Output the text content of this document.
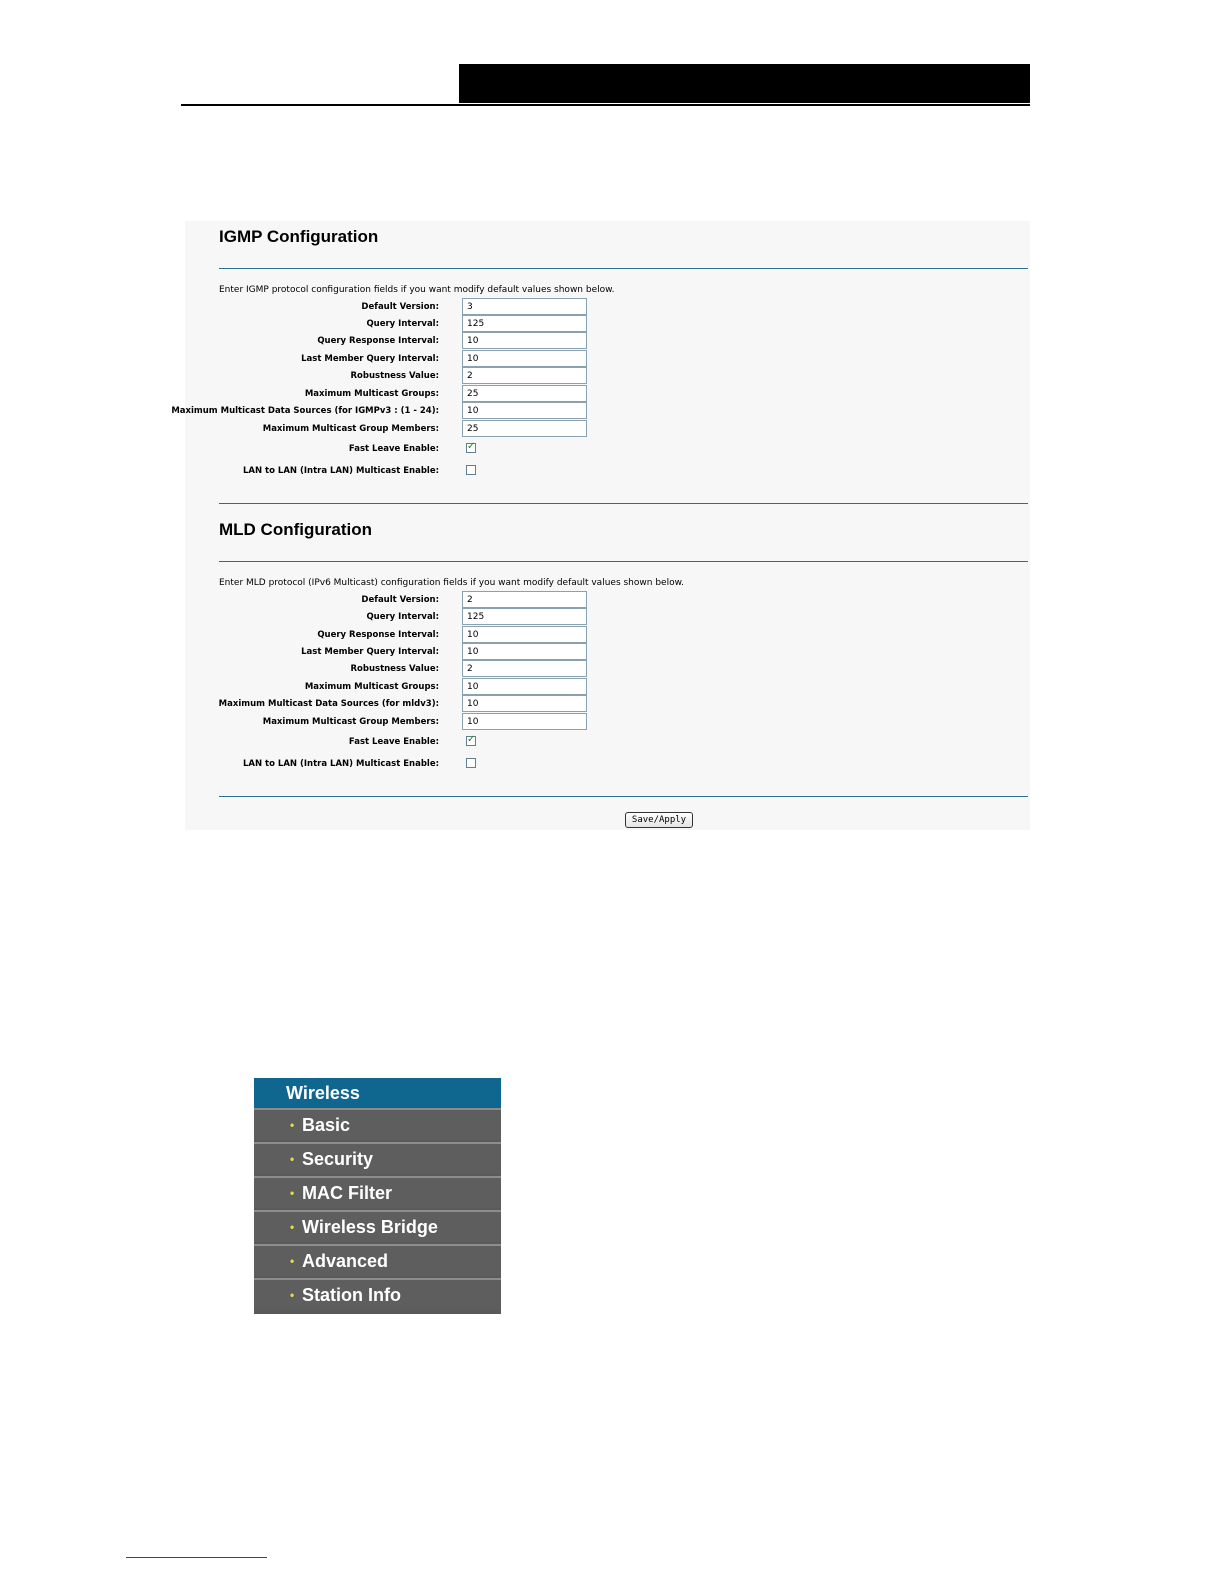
IGMP Configuration
Enter IGMP protocol configuration fields if you want modify default values shown below.
Default Version:
3
Query Interval:
125
Query Response Interval:
10
Last Member Query Interval:
10
Robustness Value:
2
Maximum Multicast Groups:
25
Maximum Multicast Data Sources (for IGMPv3 : (1 - 24):
10
Maximum Multicast Group Members:
25
Fast Leave Enable:	✓
LAN to LAN (Intra LAN) Multicast Enable:
MLD Configuration
Enter MLD protocol (IPv6 Multicast) configuration fields if you want modify default values shown below.
Default Version:
2
Query Interval:
125
Query Response Interval:
10
Last Member Query Interval:
10
Robustness Value:
2
Maximum Multicast Groups:
10
Maximum Multicast Data Sources (for mldv3):
10
Maximum Multicast Group Members:
10
Fast Leave Enable:	✓
LAN to LAN (Intra LAN) Multicast Enable:
Save/Apply
Wireless
• Basic
• Security
• MAC Filter
• Wireless Bridge
• Advanced
• Station Info
